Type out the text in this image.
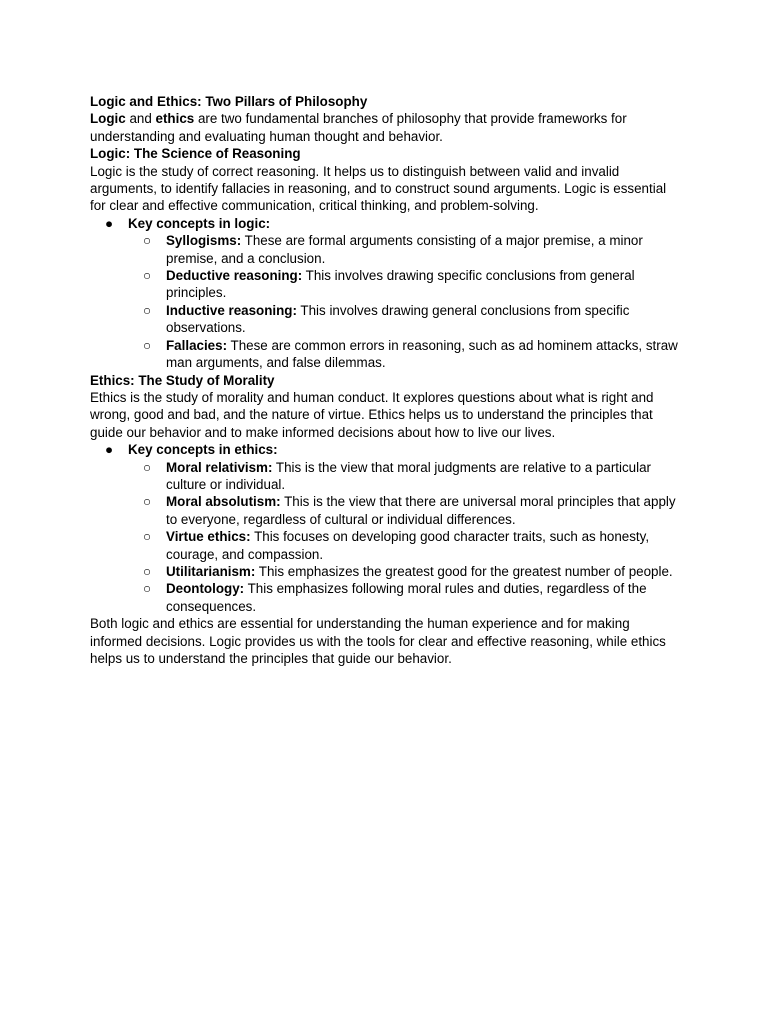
Logic and Ethics: Two Pillars of Philosophy

Logic and ethics are two fundamental branches of philosophy that provide frameworks for understanding and evaluating human thought and behavior.

Logic: The Science of Reasoning

Logic is the study of correct reasoning. It helps us to distinguish between valid and invalid arguments, to identify fallacies in reasoning, and to construct sound arguments. Logic is essential for clear and effective communication, critical thinking, and problem-solving.

● Key concepts in logic:
○ Syllogisms: These are formal arguments consisting of a major premise, a minor premise, and a conclusion.
○ Deductive reasoning: This involves drawing specific conclusions from general principles.
○ Inductive reasoning: This involves drawing general conclusions from specific observations.
○ Fallacies: These are common errors in reasoning, such as ad hominem attacks, straw man arguments, and false dilemmas.

Ethics: The Study of Morality

Ethics is the study of morality and human conduct. It explores questions about what is right and wrong, good and bad, and the nature of virtue. Ethics helps us to understand the principles that guide our behavior and to make informed decisions about how to live our lives.

● Key concepts in ethics:
○ Moral relativism: This is the view that moral judgments are relative to a particular culture or individual.
○ Moral absolutism: This is the view that there are universal moral principles that apply to everyone, regardless of cultural or individual differences.
○ Virtue ethics: This focuses on developing good character traits, such as honesty, courage, and compassion.
○ Utilitarianism: This emphasizes the greatest good for the greatest number of people.
○ Deontology: This emphasizes following moral rules and duties, regardless of the consequences.

Both logic and ethics are essential for understanding the human experience and for making informed decisions. Logic provides us with the tools for clear and effective reasoning, while ethics helps us to understand the principles that guide our behavior.
